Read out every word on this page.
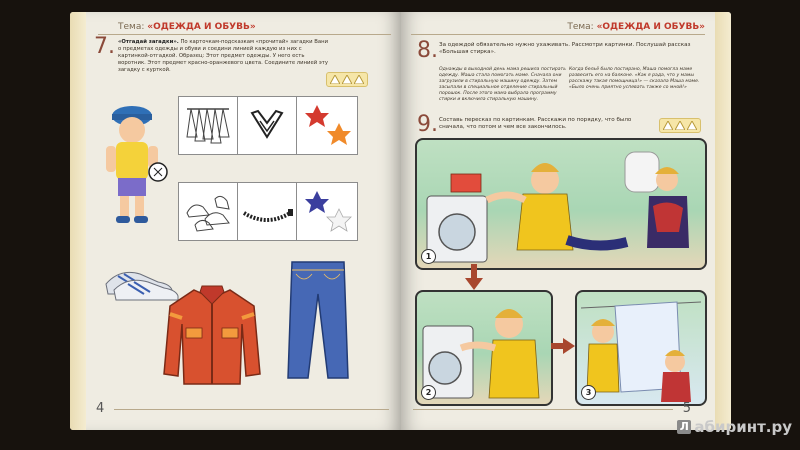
Тема: «ОДЕЖДА И ОБУВЬ»
7. «Отгадай загадки». По карточкам-подсказкам «прочитай» загадки Вани о предметах одежды и обуви и соедини линией каждую из них с картинкой-отгадкой. Образец: Этот предмет одежды. У него есть воротник. Этот предмет красно-оранжевого цвета. Соедините линией эту загадку с курткой.
4
Тема: «ОДЕЖДА И ОБУВЬ»
8. За одеждой обязательно нужно ухаживать. Рассмотри картинки. Послушай рассказ «Большая стирка».
Однажды в выходной день мама решила постирать одежду. Маша стала помогать маме. Сначала они загрузили в стиральную машину одежду. Затем засыпали в специальное отделение стиральный порошок. После этого мама выбрала программу стирки и включила стиральную машину.
Когда бельё было постирано, Маша помогла маме развесить его на балконе. «Как я рада, что у мамы расскажу такая помощница!» — сказала Маша маме. «Было очень приятно успевать также со мной!»
9. Составь пересказ по картинкам. Расскажи по порядку, что было сначала, что потом и чем все закончилось.
1
2	3
5
Л абиринт.ру
